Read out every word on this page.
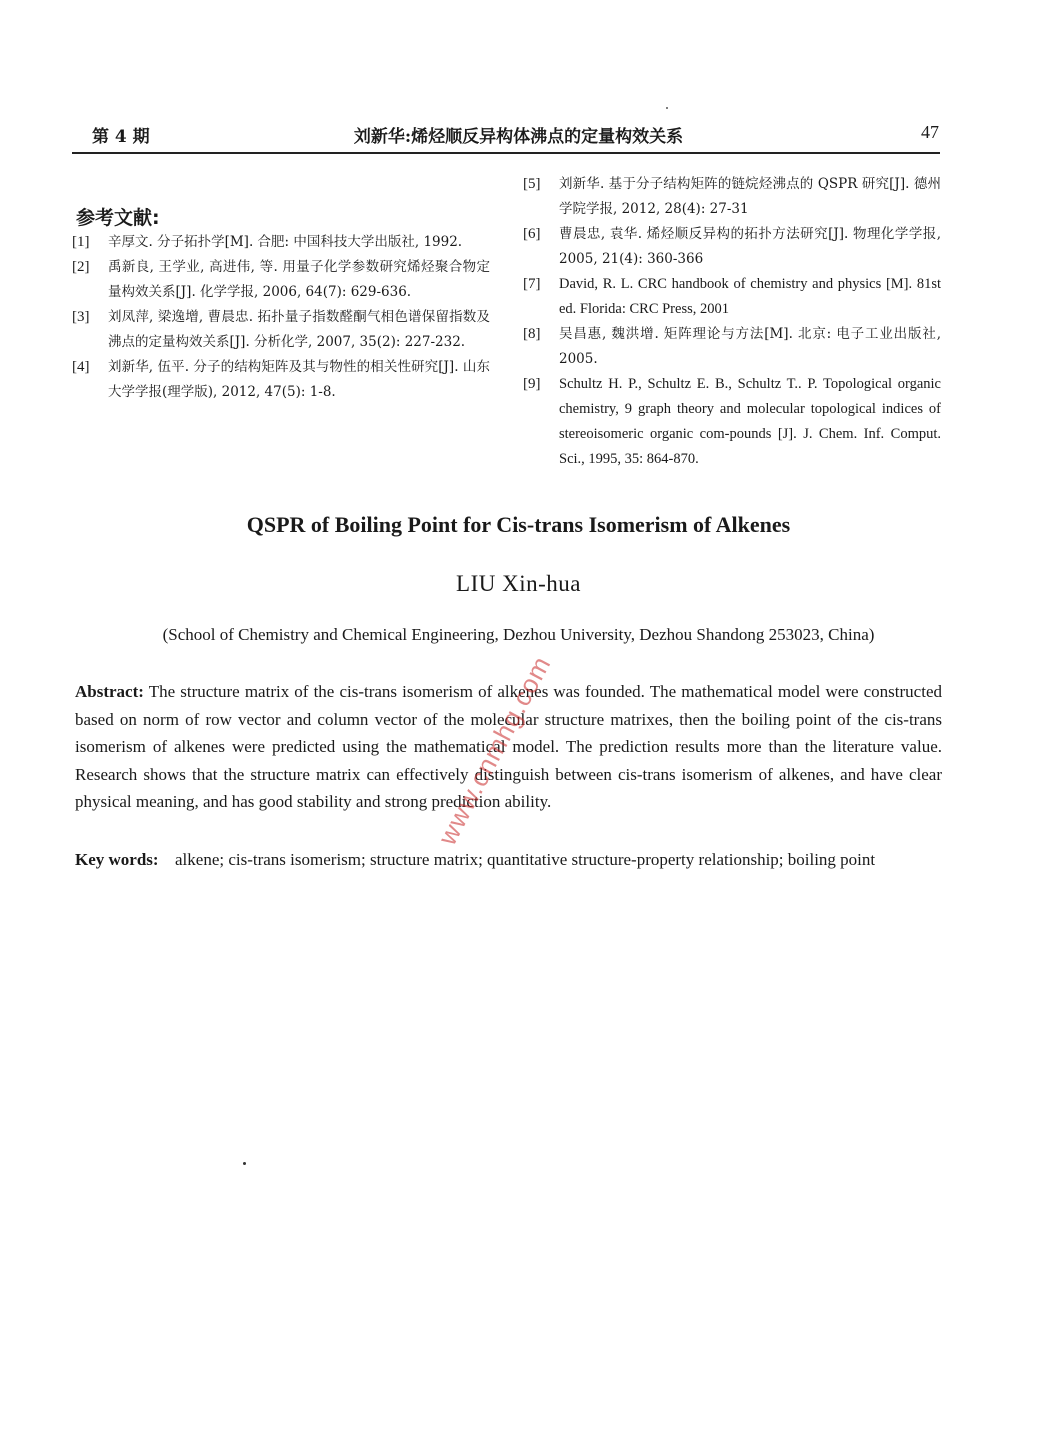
第 4 期	刘新华:烯烃顺反异构体沸点的定量构效关系	47
参考文献:
[1]	辛厚文. 分子拓扑学[M]. 合肥: 中国科技大学出版社, 1992.
[2]	禹新良, 王学业, 高进伟, 等. 用量子化学参数研究烯烃聚合物定量构效关系[J]. 化学学报, 2006, 64(7): 629-636.
[3]	刘凤萍, 梁逸增, 曹晨忠. 拓扑量子指数醛酮气相色谱保留指数及沸点的定量构效关系[J]. 分析化学, 2007, 35(2): 227-232.
[4]	刘新华, 伍平. 分子的结构矩阵及其与物性的相关性研究[J]. 山东大学学报(理学版), 2012, 47(5): 1-8.
[5]	刘新华. 基于分子结构矩阵的链烷烃沸点的 QSPR 研究[J]. 德州学院学报, 2012, 28(4): 27-31
[6]	曹晨忠, 袁华. 烯烃顺反异构的拓扑方法研究[J]. 物理化学学报, 2005, 21(4): 360-366
[7]	David, R. L. CRC handbook of chemistry and physics [M]. 81st ed. Florida: CRC Press, 2001
[8]	吴昌惠, 魏洪增. 矩阵理论与方法[M]. 北京: 电子工业出版社, 2005.
[9]	Schultz H. P., Schultz E. B., Schultz T.. P. Topological organic chemistry, 9 graph theory and molecular topological indices of stereoisomeric organic com-pounds [J]. J. Chem. Inf. Comput. Sci., 1995, 35: 864-870.
QSPR of Boiling Point for Cis-trans Isomerism of Alkenes
LIU Xin-hua
(School of Chemistry and Chemical Engineering, Dezhou University, Dezhou Shandong 253023, China)
Abstract: The structure matrix of the cis-trans isomerism of alkenes was founded. The mathematical model were constructed based on norm of row vector and column vector of the molecular structure matrixes, then the boiling point of the cis-trans isomerism of alkenes were predicted using the mathematical model. The prediction results more than the literature value. Research shows that the structure matrix can effectively distinguish between cis-trans isomerism of alkenes, and have clear physical meaning, and has good stability and strong prediction ability.
Key words: alkene; cis-trans isomerism; structure matrix; quantitative structure-property relationship; boiling point
www.cnmhg.com
